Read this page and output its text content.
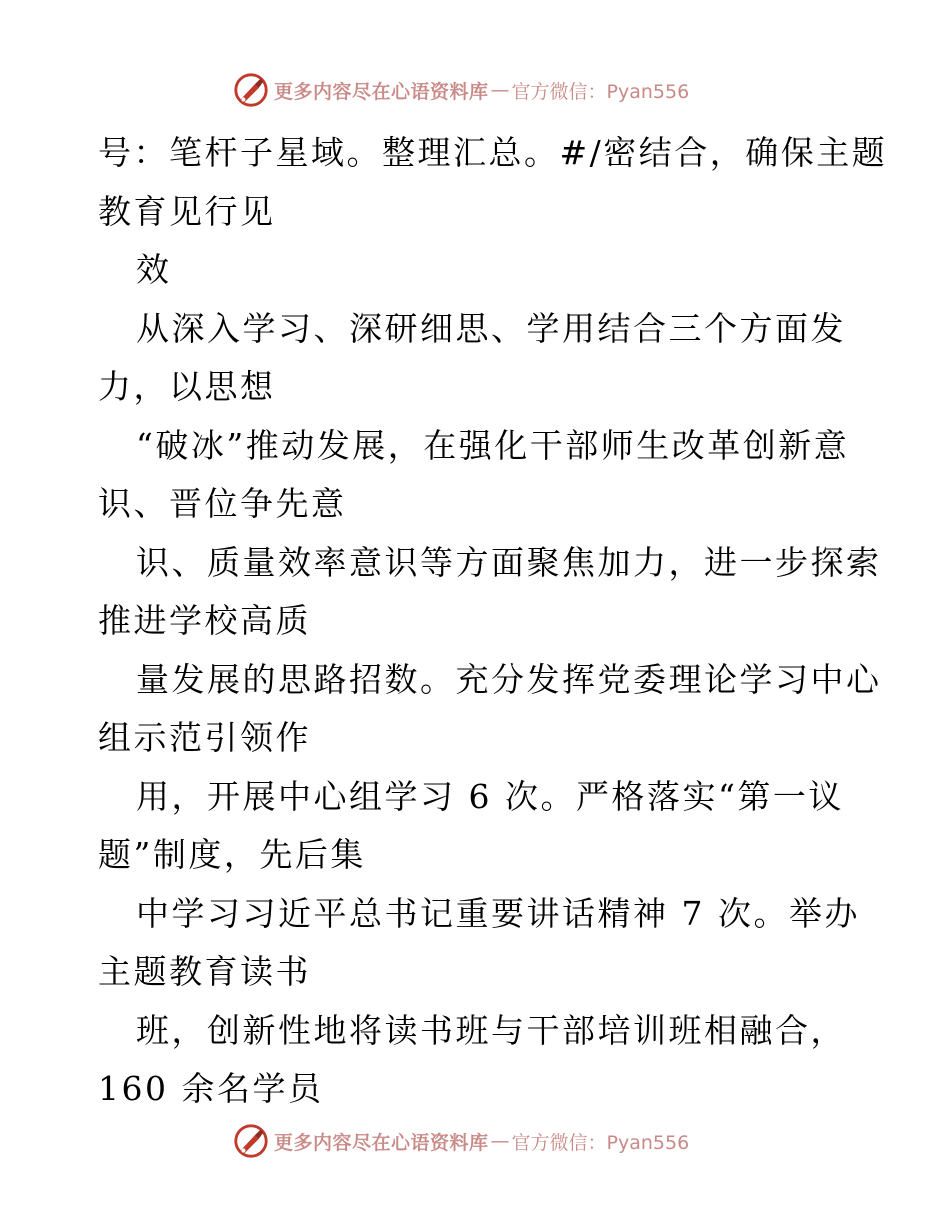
更多内容尽在心语资料库 — 官方微信：Pyan556
号：笔杆子星域。整理汇总。#/密结合，确保主题
教育见行见
效
从深入学习、深研细思、学用结合三个方面发
力，以思想
“破冰”推动发展，在强化干部师生改革创新意
识、晋位争先意
识、质量效率意识等方面聚焦加力，进一步探索
推进学校高质
量发展的思路招数。充分发挥党委理论学习中心
组示范引领作
用，开展中心组学习 6 次。严格落实“第一议
题”制度，先后集
中学习习近平总书记重要讲话精神 7 次。举办
主题教育读书
班，创新性地将读书班与干部培训班相融合，
160 余名学员
更多内容尽在心语资料库 — 官方微信：Pyan556
